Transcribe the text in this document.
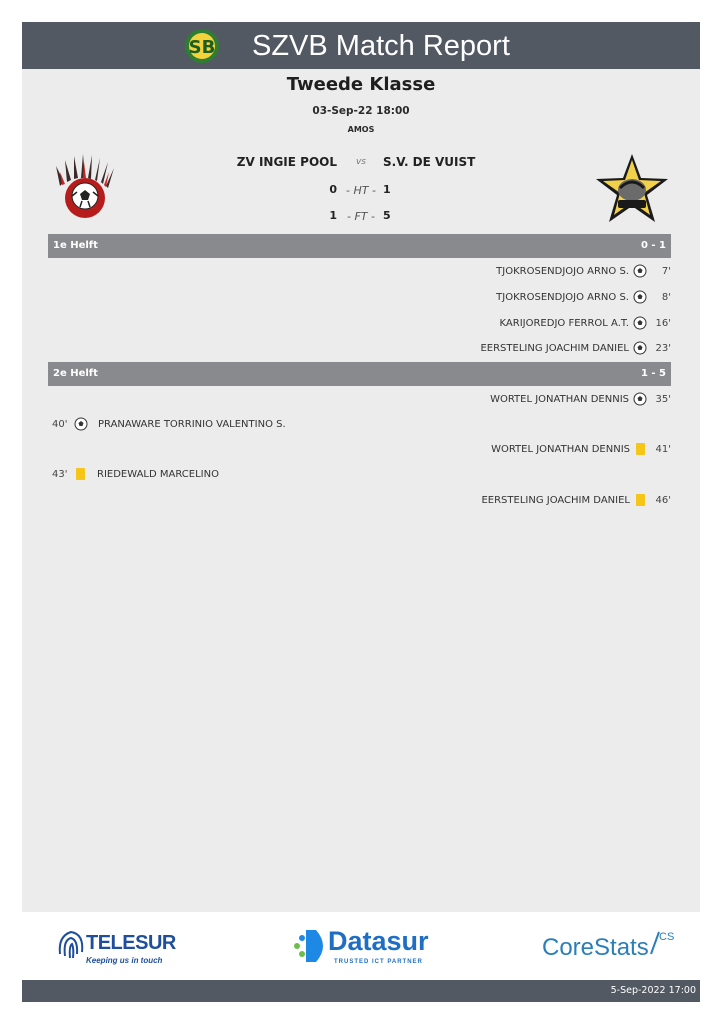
SB SZVB Match Report
Tweede Klasse
03-Sep-22 18:00
AMOS
ZV INGIE POOL	vs	S.V. DE VUIST
0 - HT - 1
1 - FT - 5
1e Helft	0 - 1
TJOKROSENDJOJO ARNO S.	7'
TJOKROSENDJOJO ARNO S.	8'
KARIJOREDJO FERROL A.T.	16'
EERSTELING JOACHIM DANIEL	23'
2e Helft	1 - 5
WORTEL JONATHAN DENNIS	35'
40'	PRANAWARE TORRINIO VALENTINO S.
WORTEL JONATHAN DENNIS	41'
43'	RIEDEWALD MARCELINO
EERSTELING JOACHIM DANIEL	46'
TELESUR
Keeping us in touch
Datasur
TRUSTED ICT PARTNER
CoreStats CS
5-Sep-2022 17:00
